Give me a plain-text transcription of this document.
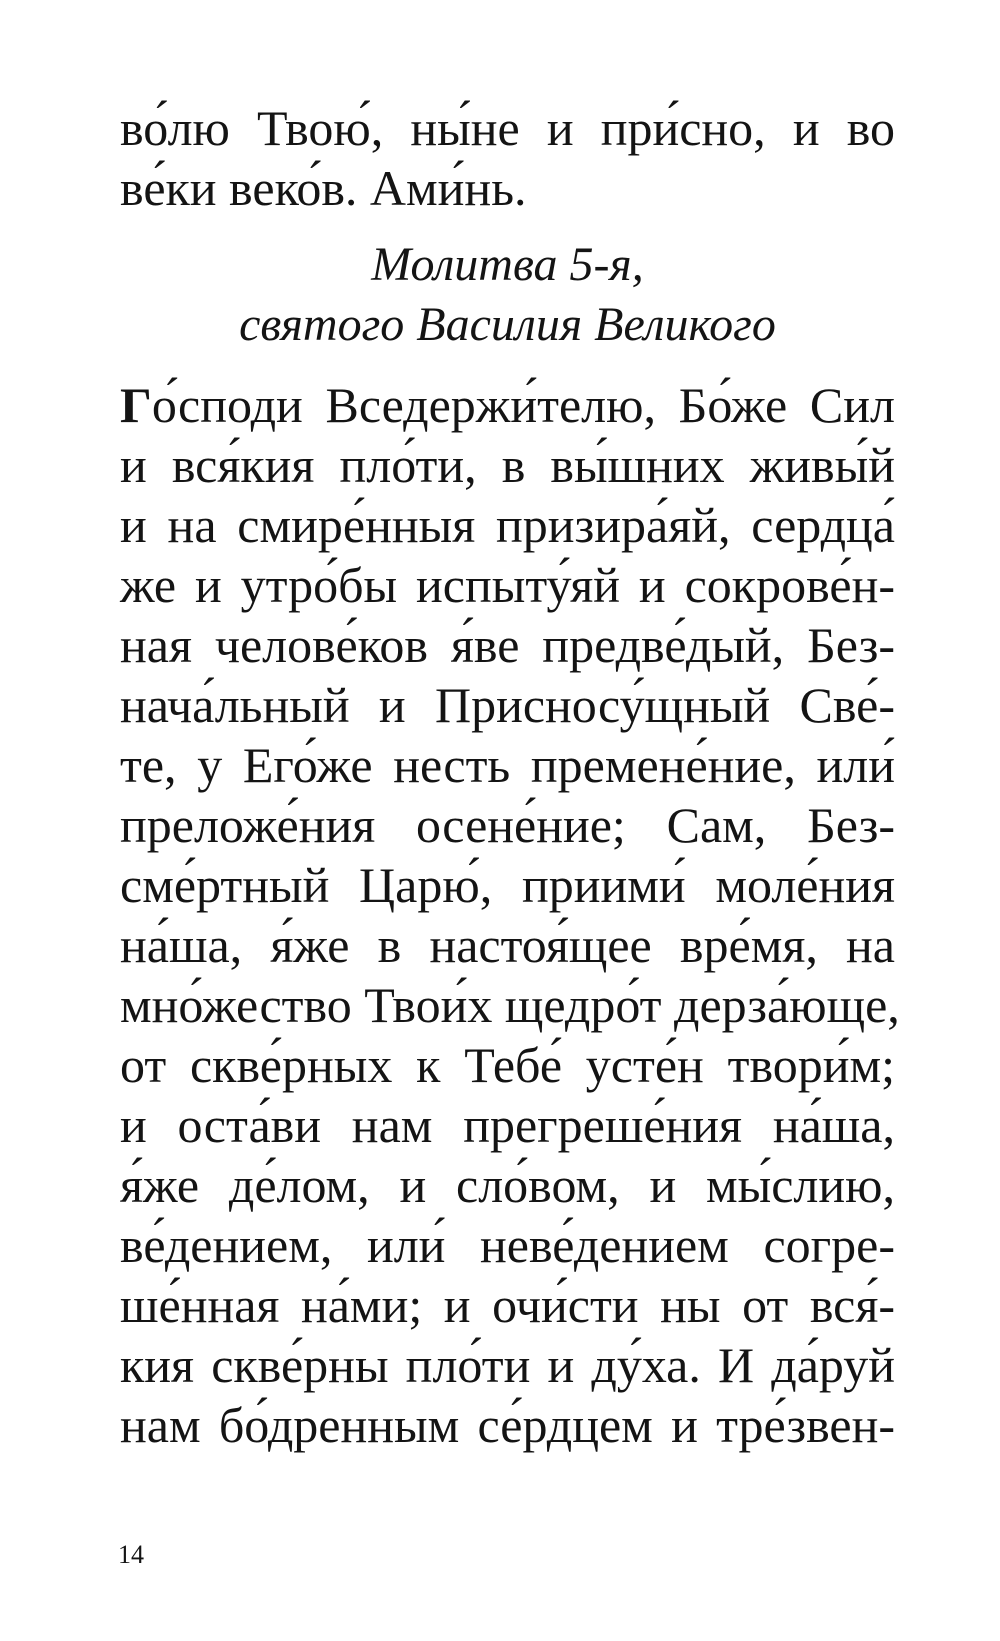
во́лю Твою́, ны́не и при́сно, и во
ве́ки веко́в. Ами́нь.
Молитва 5-я,
святого Василия Великого
Го́споди Вседержи́телю, Бо́же Сил
и вся́кия пло́ти, в вы́шних живы́й
и на смире́нныя призира́яй, сердца́
же и утро́бы испыту́яй и сокрове́н-
ная челове́ков я́ве предве́дый, Без-
нача́льный и Присносу́щный Све́-
те, у Его́же несть премене́ние, или́
преложе́ния осене́ние; Сам, Без-
сме́ртный Царю́, приими́ моле́ния
на́ша, я́же в настоя́щее вре́мя, на
мно́жество Твои́х щедро́т дерза́юще,
от скве́рных к Тебе́ усте́н твори́м;
и оста́ви нам прегреше́ния на́ша,
я́же де́лом, и сло́вом, и мы́слию,
ве́дением, или́ неве́дением согре-
ше́нная на́ми; и очи́сти ны от вся́-
кия скве́рны пло́ти и ду́ха. И да́руй
нам бо́дренным се́рдцем и тре́звен-
14
